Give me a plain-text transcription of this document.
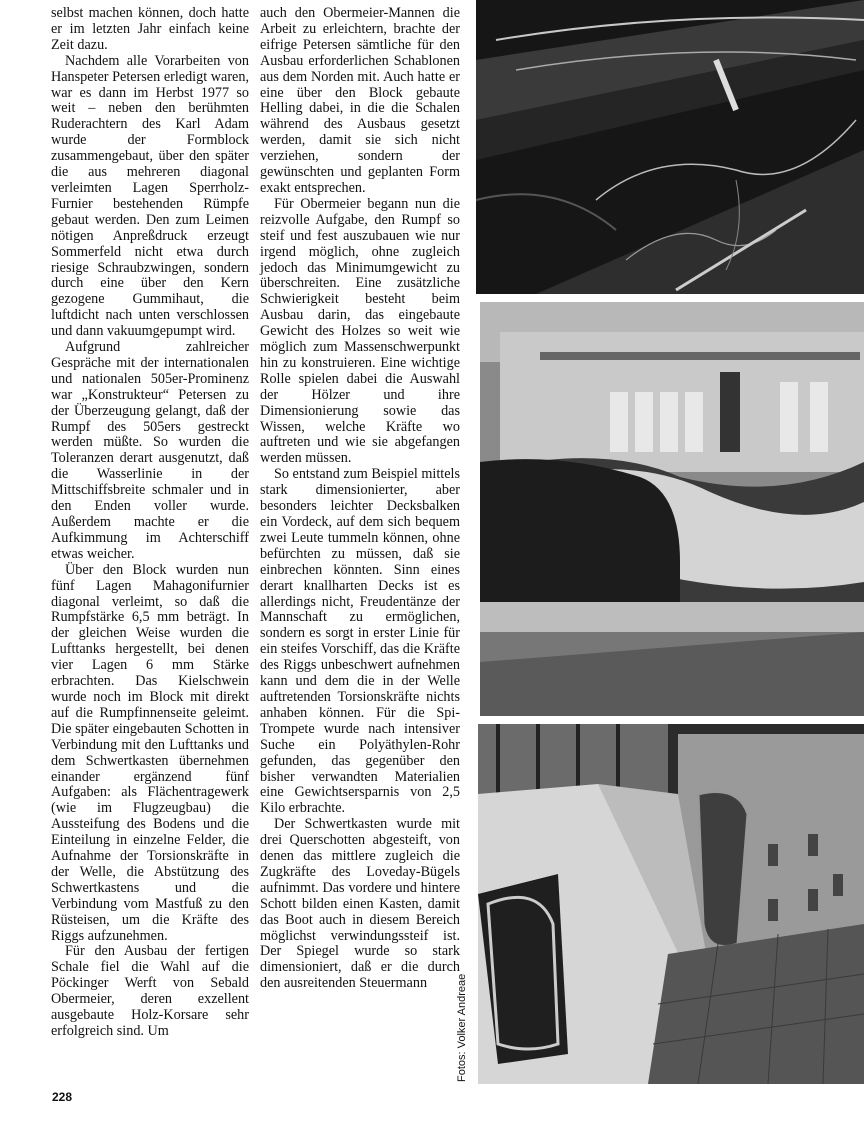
selbst machen können, doch hatte er im letzten Jahr einfach keine Zeit dazu.

Nachdem alle Vorarbeiten von Hanspeter Petersen erledigt waren, war es dann im Herbst 1977 so weit – neben den berühmten Ruderachtern des Karl Adam wurde der Formblock zusammengebaut, über den später die aus mehreren diagonal verleimten Lagen Sperrholz-Furnier bestehenden Rümpfe gebaut werden. Den zum Leimen nötigen Anpreßdruck erzeugt Sommerfeld nicht etwa durch riesige Schraubzwingen, sondern durch eine über den Kern gezogene Gummihaut, die luftdicht nach unten verschlossen und dann vakuumgepumpt wird.

Aufgrund zahlreicher Gespräche mit der internationalen und nationalen 505er-Prominenz war „Konstrukteur“ Petersen zu der Überzeugung gelangt, daß der Rumpf des 505ers gestreckt werden müßte. So wurden die Toleranzen derart ausgenutzt, daß die Wasserlinie in der Mittschiffsbreite schmaler und in den Enden voller wurde. Außerdem machte er die Aufkimmung im Achterschiff etwas weicher.

Über den Block wurden nun fünf Lagen Mahagonifurnier diagonal verleimt, so daß die Rumpfstärke 6,5 mm beträgt. In der gleichen Weise wurden die Lufttanks hergestellt, bei denen vier Lagen 6 mm Stärke erbrachten. Das Kielschwein wurde noch im Block mit direkt auf die Rumpfinnenseite geleimt. Die später eingebauten Schotten in Verbindung mit den Lufttanks und dem Schwertkasten übernehmen einander ergänzend fünf Aufgaben: als Flächentragewerk (wie im Flugzeugbau) die Aussteifung des Bodens und die Einteilung in einzelne Felder, die Aufnahme der Torsionskräfte in der Welle, die Abstützung des Schwertkastens und die Verbindung vom Mastfuß zu den Rüsteisen, um die Kräfte des Riggs aufzunehmen.

Für den Ausbau der fertigen Schale fiel die Wahl auf die Pöckinger Werft von Sebald Obermeier, deren exzellent ausgebaute Holz-Korsare sehr erfolgreich sind. Um

auch den Obermeier-Mannen die Arbeit zu erleichtern, brachte der eifrige Petersen sämtliche für den Ausbau erforderlichen Schablonen aus dem Norden mit. Auch hatte er eine über den Block gebaute Helling dabei, in die die Schalen während des Ausbaus gesetzt werden, damit sie sich nicht verziehen, sondern der gewünschten und geplanten Form exakt entsprechen.

Für Obermeier begann nun die reizvolle Aufgabe, den Rumpf so steif und fest auszubauen wie nur irgend möglich, ohne zugleich jedoch das Minimumgewicht zu überschreiten. Eine zusätzliche Schwierigkeit besteht beim Ausbau darin, das eingebaute Gewicht des Holzes so weit wie möglich zum Massenschwerpunkt hin zu konstruieren. Eine wichtige Rolle spielen dabei die Auswahl der Hölzer und ihre Dimensionierung sowie das Wissen, welche Kräfte wo auftreten und wie sie abgefangen werden müssen.

So entstand zum Beispiel mittels stark dimensionierter, aber besonders leichter Decksbalken ein Vordeck, auf dem sich bequem zwei Leute tummeln können, ohne befürchten zu müssen, daß sie einbrechen könnten. Sinn eines derart knallharten Decks ist es allerdings nicht, Freudentänze der Mannschaft zu ermöglichen, sondern es sorgt in erster Linie für ein steifes Vorschiff, das die Kräfte des Riggs unbeschwert aufnehmen kann und dem die in der Welle auftretenden Torsionskräfte nichts anhaben können. Für die Spi-Trompete wurde nach intensiver Suche ein Polyäthylen-Rohr gefunden, das gegenüber den bisher verwandten Materialien eine Gewichtsersparnis von 2,5 Kilo erbrachte.

Der Schwertkasten wurde mit drei Querschotten abgesteift, von denen das mittlere zugleich die Zugkräfte des Loveday-Bügels aufnimmt. Das vordere und hintere Schott bilden einen Kasten, damit das Boot auch in diesem Bereich möglichst verwindungssteif ist. Der Spiegel wurde so stark dimensioniert, daß er die durch den ausreitenden Steuermann	Fotos: Volker Andreae
228
